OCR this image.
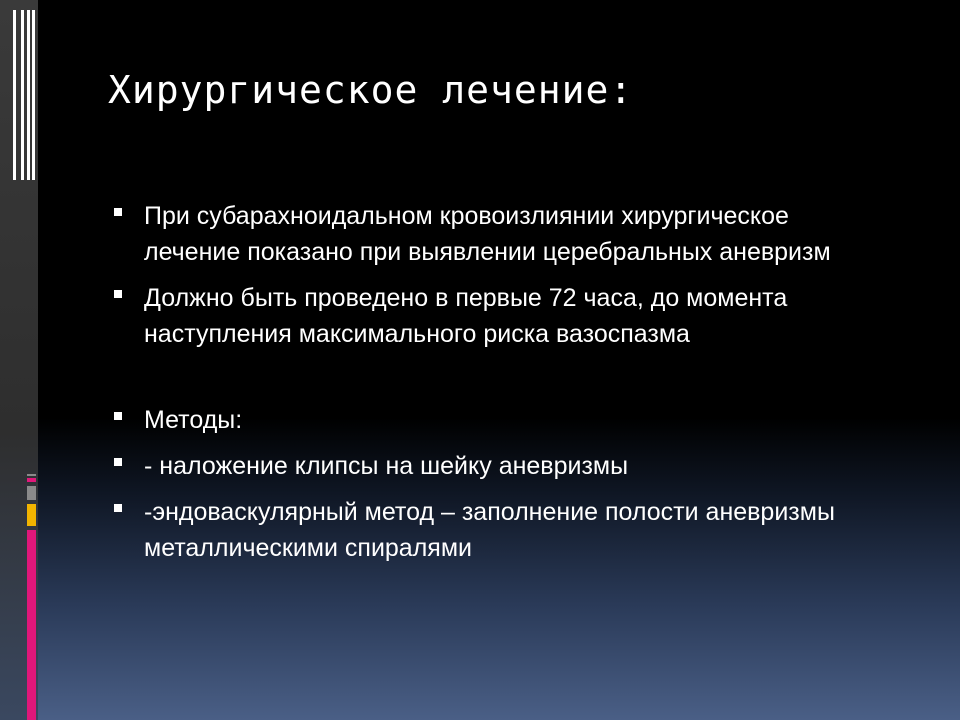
Хирургическое лечение:
При субарахноидальном кровоизлиянии хирургическое лечение показано при выявлении церебральных аневризм
Должно быть проведено в первые 72 часа, до момента наступления максимального риска вазоспазма
Методы:
- наложение клипсы на шейку аневризмы
-эндоваскулярный метод – заполнение полости аневризмы металлическими спиралями
